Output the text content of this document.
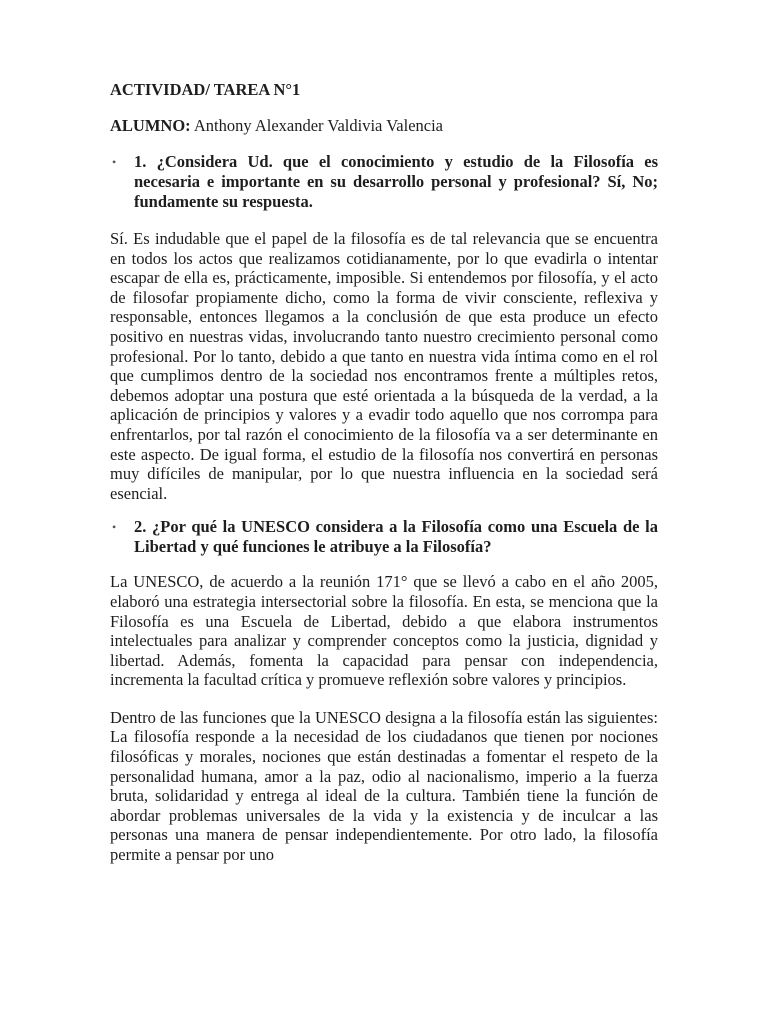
ACTIVIDAD/ TAREA N°1

ALUMNO: Anthony Alexander Valdivia Valencia

• 1. ¿Considera Ud. que el conocimiento y estudio de la Filosofía es necesaria e importante en su desarrollo personal y profesional? Sí, No; fundamente su respuesta.

Sí. Es indudable que el papel de la filosofía es de tal relevancia que se encuentra en todos los actos que realizamos cotidianamente, por lo que evadirla o intentar escapar de ella es, prácticamente, imposible. Si entendemos por filosofía, y el acto de filosofar propiamente dicho, como la forma de vivir consciente, reflexiva y responsable, entonces llegamos a la conclusión de que esta produce un efecto positivo en nuestras vidas, involucrando tanto nuestro crecimiento personal como profesional. Por lo tanto, debido a que tanto en nuestra vida íntima como en el rol que cumplimos dentro de la sociedad nos encontramos frente a múltiples retos, debemos adoptar una postura que esté orientada a la búsqueda de la verdad, a la aplicación de principios y valores y a evadir todo aquello que nos corrompa para enfrentarlos, por tal razón el conocimiento de la filosofía va a ser determinante en este aspecto. De igual forma, el estudio de la filosofía nos convertirá en personas muy difíciles de manipular, por lo que nuestra influencia en la sociedad será esencial.

• 2. ¿Por qué la UNESCO considera a la Filosofía como una Escuela de la Libertad y qué funciones le atribuye a la Filosofía?

La UNESCO, de acuerdo a la reunión 171° que se llevó a cabo en el año 2005, elaboró una estrategia intersectorial sobre la filosofía. En esta, se menciona que la Filosofía es una Escuela de Libertad, debido a que elabora instrumentos intelectuales para analizar y comprender conceptos como la justicia, dignidad y libertad. Además, fomenta la capacidad para pensar con independencia, incrementa la facultad crítica y promueve reflexión sobre valores y principios.

Dentro de las funciones que la UNESCO designa a la filosofía están las siguientes: La filosofía responde a la necesidad de los ciudadanos que tienen por nociones filosóficas y morales, nociones que están destinadas a fomentar el respeto de la personalidad humana, amor a la paz, odio al nacionalismo, imperio a la fuerza bruta, solidaridad y entrega al ideal de la cultura. También tiene la función de abordar problemas universales de la vida y la existencia y de inculcar a las personas una manera de pensar independientemente. Por otro lado, la filosofía permite a pensar por uno
